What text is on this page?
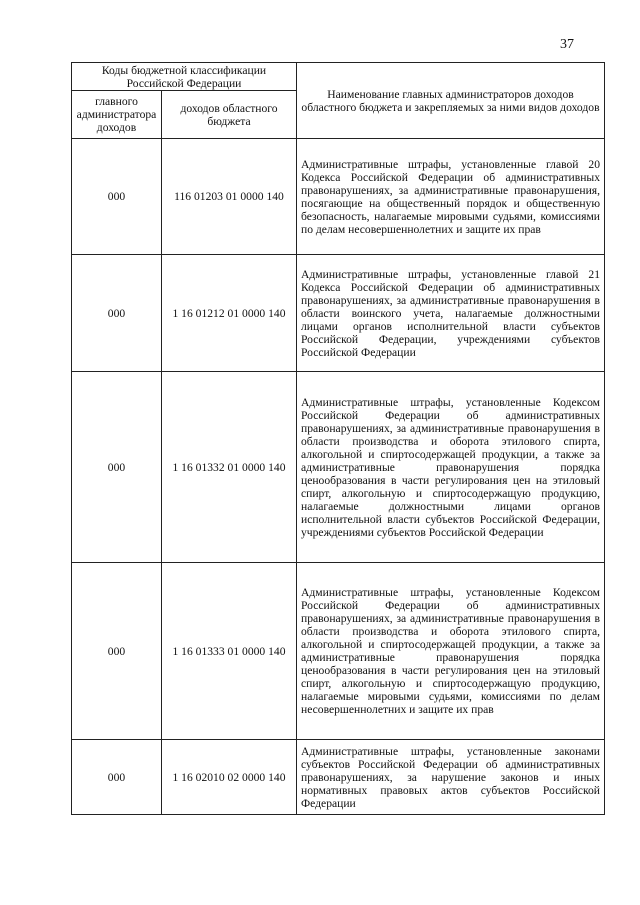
37
Коды бюджетной классификации Российской Федерации		Наименование главных администраторов доходов областного бюджета и закрепляемых за ними видов доходов
главного администратора доходов	доходов областного бюджета	
000	116 01203 01 0000 140	Административные штрафы, установленные главой 20 Кодекса Российской Федерации об административных правонарушениях, за административные правонарушения, посягающие на общественный порядок и общественную безопасность, налагаемые мировыми судьями, комиссиями по делам несовершеннолетних и защите их прав
000	1 16 01212 01 0000 140	Административные штрафы, установленные главой 21 Кодекса Российской Федерации об административных правонарушениях, за административные правонарушения в области воинского учета, налагаемые должностными лицами органов исполнительной власти субъектов Российской Федерации, учреждениями субъектов Российской Федерации
000	1 16 01332 01 0000 140	Административные штрафы, установленные Кодексом Российской Федерации об административных правонарушениях, за административные правонарушения в области производства и оборота этилового спирта, алкогольной и спиртосодержащей продукции, а также за административные правонарушения порядка ценообразования в части регулирования цен на этиловый спирт, алкогольную и спиртосодержащую продукцию, налагаемые должностными лицами органов исполнительной власти субъектов Российской Федерации, учреждениями субъектов Российской Федерации
000	1 16 01333 01 0000 140	Административные штрафы, установленные Кодексом Российской Федерации об административных правонарушениях, за административные правонарушения в области производства и оборота этилового спирта, алкогольной и спиртосодержащей продукции, а также за административные правонарушения порядка ценообразования в части регулирования цен на этиловый спирт, алкогольную и спиртосодержащую продукцию, налагаемые мировыми судьями, комиссиями по делам несовершеннолетних и защите их прав
000	1 16 02010 02 0000 140	Административные штрафы, установленные законами субъектов Российской Федерации об административных правонарушениях, за нарушение законов и иных нормативных правовых актов субъектов Российской Федерации
